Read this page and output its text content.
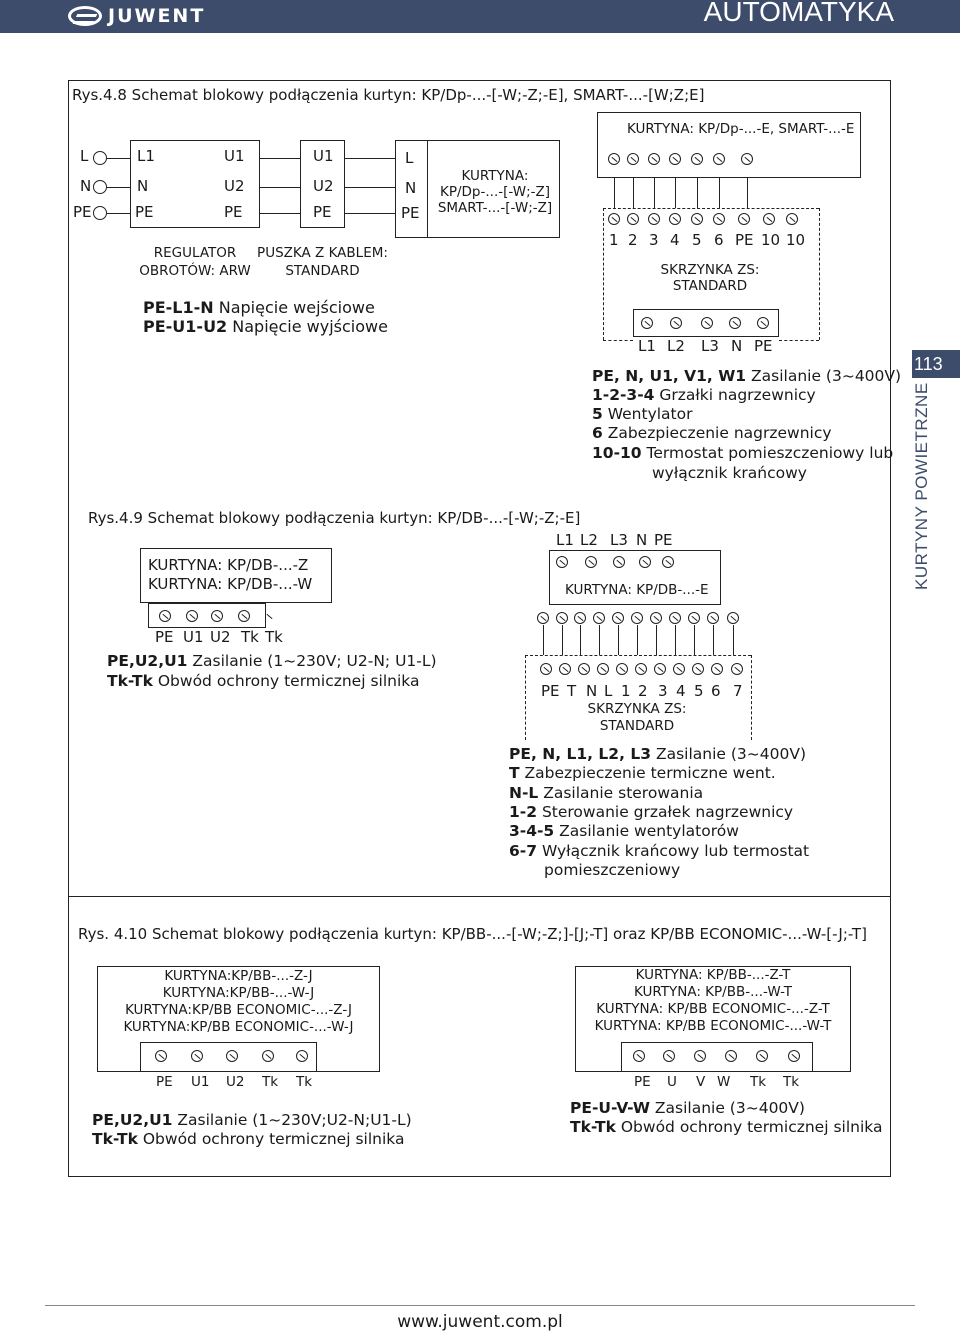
JUWENT	AUTOMATYKA
Rys.4.8 Schemat blokowy podłączenia kurtyn: KP/Dp-...-[-W;-Z;-E], SMART-...-[W;Z;E]
L
N
PE
L1
N
PE
U1
U2
PE
REGULATOR
OBROTÓW: ARW
U1
U2
PE
PUSZKA Z KABLEM:
STANDARD
L
N
PE
KURTYNA:
KP/Dp-...-[-W;-Z]
SMART-...-[-W;-Z]
PE-L1-N Napięcie wejściowe
PE-U1-U2 Napięcie wyjściowe
KURTYNA: KP/Dp-...-E, SMART-...-E
1 2 3 4 5 6 PE 10 10
SKRZYNKA ZS:
STANDARD
L1 L2 L3 N PE
PE, N, U1, V1, W1 Zasilanie (3~400V)
1-2-3-4 Grzałki nagrzewnicy
5 Wentylator
6 Zabezpieczenie nagrzewnicy
10-10 Termostat pomieszczeniowy lub
wyłącznik krańcowy
Rys.4.9 Schemat blokowy podłączenia kurtyn: KP/DB-...-[-W;-Z;-E]
KURTYNA: KP/DB-...-Z
KURTYNA: KP/DB-...-W
PE U1 U2 Tk Tk
PE,U2,U1 Zasilanie (1~230V; U2-N; U1-L)
Tk-Tk Obwód ochrony termicznej silnika
L1 L2 L3 N PE
KURTYNA: KP/DB-...-E
PE T N L 1 2 3 4 5 6 7
SKRZYNKA ZS:
STANDARD
PE, N, L1, L2, L3 Zasilanie (3~400V)
T Zabezpieczenie termiczne went.
N-L Zasilanie sterowania
1-2 Sterowanie grzałek nagrzewnicy
3-4-5 Zasilanie wentylatorów
6-7 Wyłącznik krańcowy lub termostat
pomieszczeniowy
Rys. 4.10 Schemat blokowy podłączenia kurtyn: KP/BB-...-[-W;-Z;]-[J;-T] oraz KP/BB ECONOMIC-...-W-[-J;-T]
KURTYNA:KP/BB-...-Z-J
KURTYNA:KP/BB-...-W-J
KURTYNA:KP/BB ECONOMIC-...-Z-J
KURTYNA:KP/BB ECONOMIC-...-W-J
PE U1 U2 Tk Tk
PE,U2,U1 Zasilanie (1~230V;U2-N;U1-L)
Tk-Tk Obwód ochrony termicznej silnika
KURTYNA: KP/BB-...-Z-T
KURTYNA: KP/BB-...-W-T
KURTYNA: KP/BB ECONOMIC-...-Z-T
KURTYNA: KP/BB ECONOMIC-...-W-T
PE U V W Tk Tk
PE-U-V-W Zasilanie (3~400V)
Tk-Tk Obwód ochrony termicznej silnika
113
KURTYNY POWIETRZNE
www.juwent.com.pl
